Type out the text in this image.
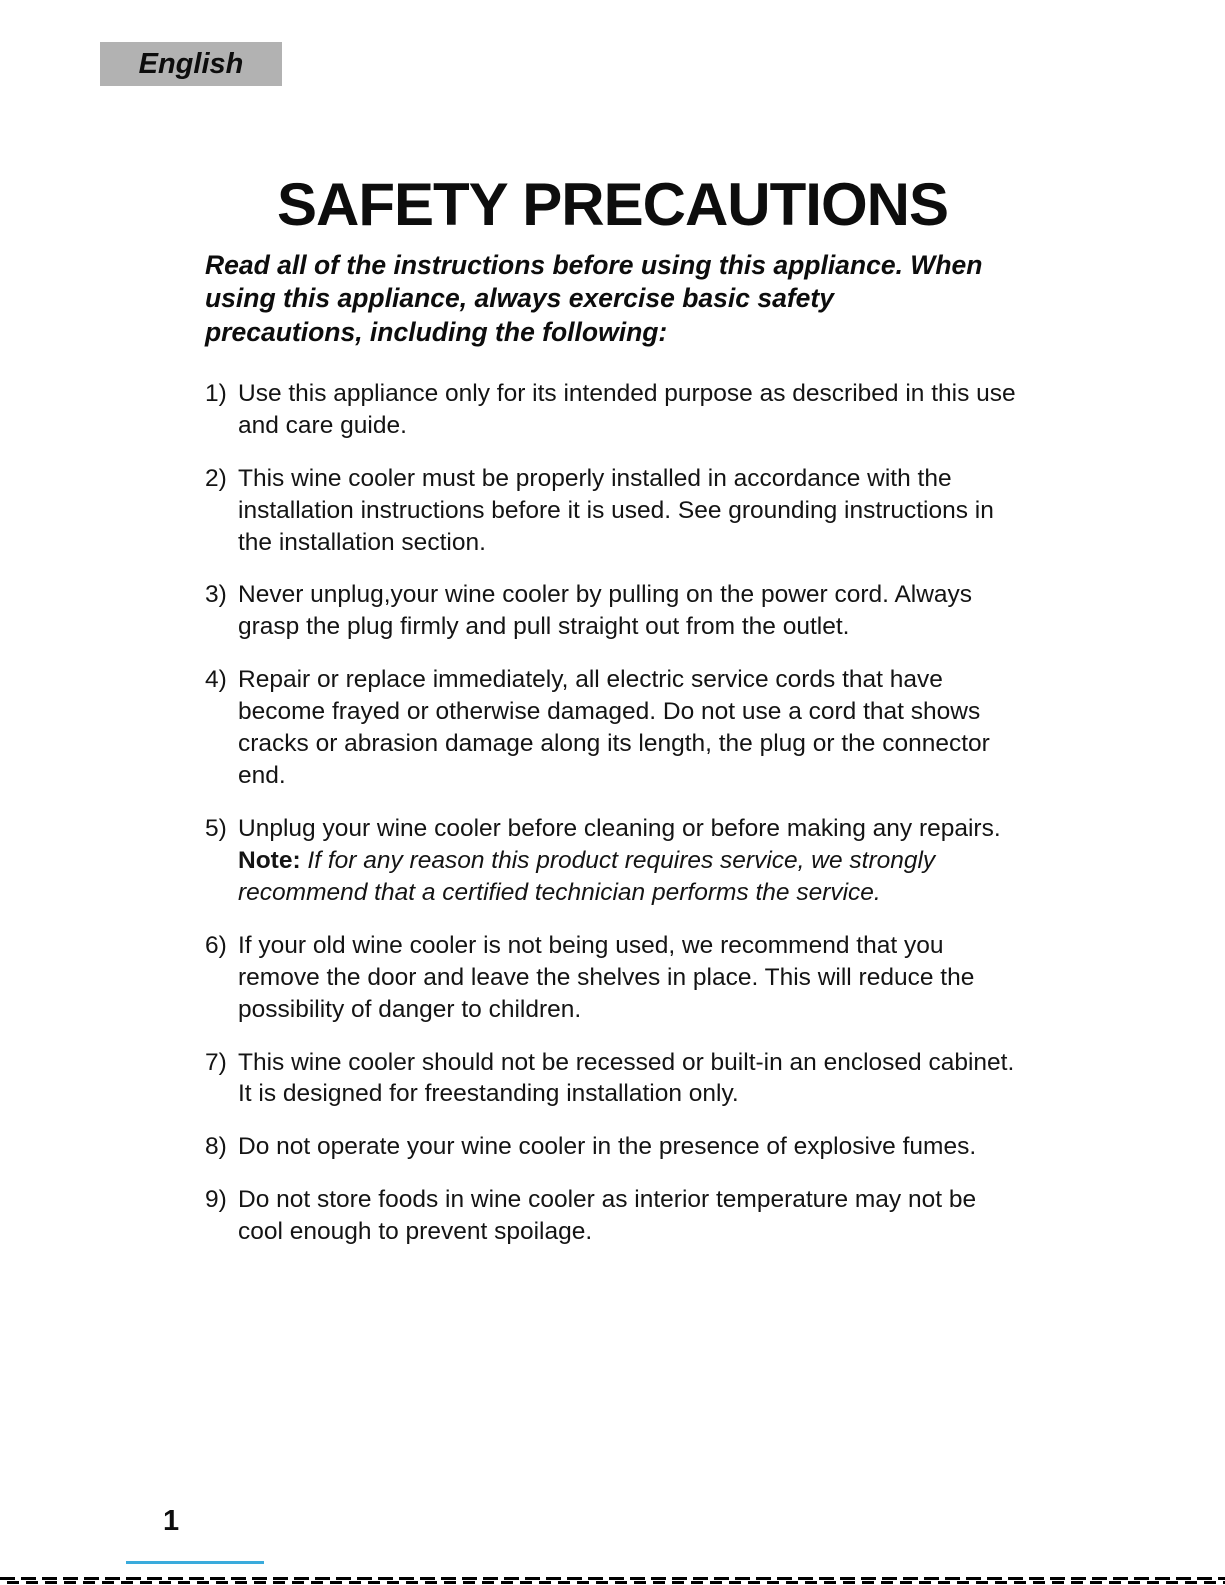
English
SAFETY PRECAUTIONS

Read all of the instructions before using this appliance. When using this appliance, always exercise basic safety precautions, including the following:

1) Use this appliance only for its intended purpose as described in this use and care guide.
2) This wine cooler must be properly installed in accordance with the installation instructions before it is used. See grounding instructions in the installation section.
3) Never unplug,your wine cooler by pulling on the power cord. Always grasp the plug firmly and pull straight out from the outlet.
4) Repair or replace immediately, all electric service cords that have become frayed or otherwise damaged. Do not use a cord that shows cracks or abrasion damage along its length, the plug or the connector end.
5) Unplug your wine cooler before cleaning or before making any repairs.
Note: If for any reason this product requires service, we strongly recommend that a certified technician performs the service.
6) If your old wine cooler is not being used, we recommend that you remove the door and leave the shelves in place. This will reduce the possibility of danger to children.
7) This wine cooler should not be recessed or built-in an enclosed cabinet. It is designed for freestanding installation only.
8) Do not operate your wine cooler in the presence of explosive fumes.
9) Do not store foods in wine cooler as interior temperature may not be cool enough to prevent spoilage.
1
